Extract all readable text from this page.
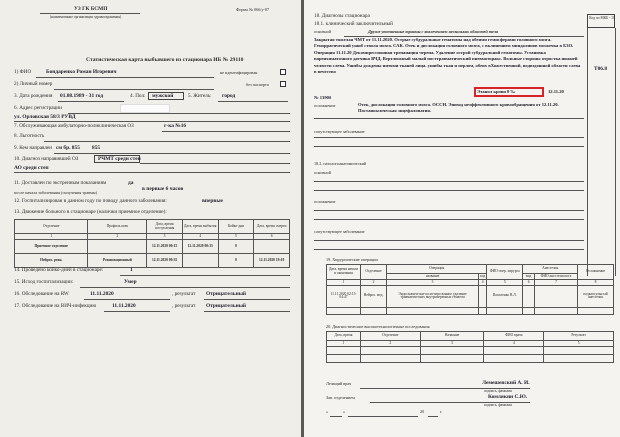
УЗ ГК БСМП
(наименование организации здравоохранения)
Форма № 066/у-07
Статистическая карта выбывшего из стационара ИБ № 29110
1) ФИО	Бондаренко Роман Игоревич	не идентифицирован
2) Личный номер	без паспорта
3. Дата рождения 01.08.1989 - 31 год	4. Пол: мужской	5. Житель: город
6. Адрес регистрации
ул. Орловская 58/3 РУВД
7. Обслуживающая амбулаторно-поликлиническая ОЗ	г-ка №16
8. Льготность
9. Кем направлен см бр. 855 855
10. Диагноз направившей ОЗ	РЧМТ средн степ
АО средн степ
11. Доставлен по экстренным показаниям	да
в первые 6 часов
после начала заболевания (получения травмы)
12. Госпитализирован в данном году по поводу данного заболевания:	впервые
13. Движение больного в стационаре (налички приемное отделение):
Отделение	Профиль коек	Дата, время поступления	Дата, время выбытия	Койко-дни	Дата, время смерти
1	2	3	4	5	6
Приемное отделение		12.11.2020 00:15	12.11.2020 00:35	0	
Нейрох. реан.	Реанимационный	12.11.2020 00:35		0	12.11.2020 19:10
14. Проведено койко-дней в стационаре:	1
15. Исход госпитализации:	Умер
16. Обследование на RW	11.11.2020	, результат Отрицательный
17. Обследование на ВИЧ-инфекцию	11.11.2020	, результат Отрицательный
18. Диагнозы стационара	Код по МКБ - 10
18.1. клинический заключительный
основной	Другие уточненные травмы с вовлечением нескольких областей тела
Закрытая тяжелая ЧМТ от 11.11.2020. Острые субдуральные гематомы над обеими гемисферами головного мозга. Геморрагический ушиб ствола мозга. САК. Отек и дислокация головного мозга, с вклинением миндалинов мозжечка в БЗО. Операция 11.11.20 Декомпрессионная трепанация черепа. Удаление острой субдуральной гематомы. Установка паренхиматозного датчика ВЧД. Вертлюжный малый посттравматический пневмоторакс. Вольные стороны отростка нижней челюсти слева. Ушибы дождены нитями тканей лица. ушибы ткан и перлом, обеих вХожественной, подвздошной области слева в вечество	T06.8
Этанол крови 0 ‰	12.11.20
№ 1390б
осложнение	Отек, дислокация головного мозга. ОССН. Эпизод неэффективного кровообращения от 12.11.20. Постаноксическая энцефалопатия.
сопутствующее заболевание
18.2. патологоанатомический
основной
осложнение
сопутствующее заболевание
19. Хирургические операции
Дата, время начала и окончания	Отделение	Операция		ФИО опер. хирурга	Анестезия		Осложнение
		название	код		вид	ФИО анестезиолога	
1	2	3	4	5	6	7	8
11.11.2020 02:15-04:47	Нейрох. мед.	Эндоскопически-ассистиро ванное удаление травматических внутричерепных гематом		Василенко В.Л.			подкапсульн ый анестезия

20. Диагностические высокотехнологичные исследования
Дата, время	Отделение	Название	ФИО врача	Результат
1	2	3	4	5

Лечащий врач	Лемешевский А. И.
подпись, фамилия
Зав. отделением	Комлякин С.Ю.
подпись, фамилия
«	»	20	г.
